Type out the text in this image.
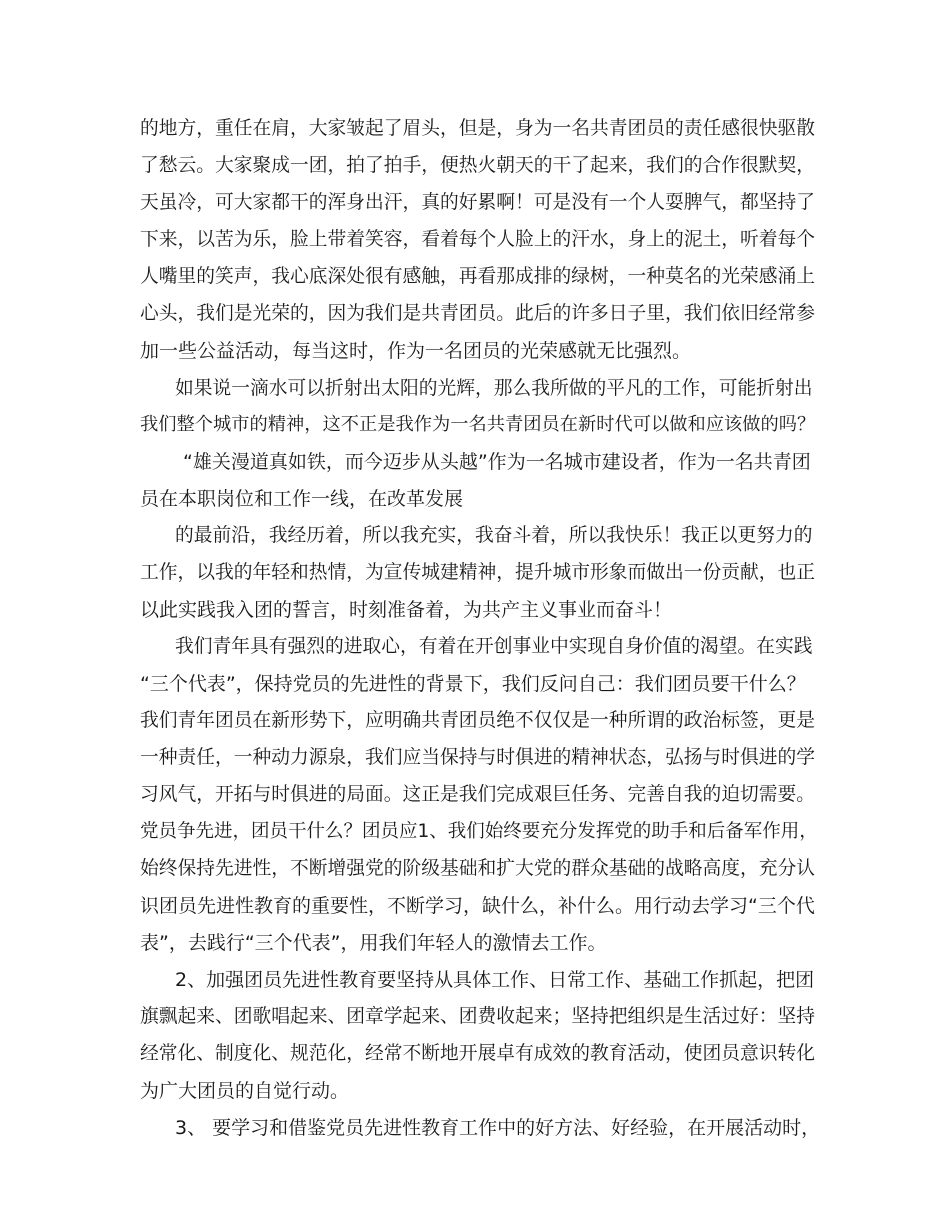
的地方，重任在肩，大家皱起了眉头，但是，身为一名共青团员的责任感很快驱散
了愁云。大家聚成一团，拍了拍手，便热火朝天的干了起来，我们的合作很默契，
天虽冷，可大家都干的浑身出汗，真的好累啊！可是没有一个人耍脾气，都坚持了
下来，以苦为乐，脸上带着笑容，看着每个人脸上的汗水，身上的泥土，听着每个
人嘴里的笑声，我心底深处很有感触，再看那成排的绿树，一种莫名的光荣感涌上
心头，我们是光荣的，因为我们是共青团员。此后的许多日子里，我们依旧经常参
加一些公益活动，每当这时，作为一名团员的光荣感就无比强烈。
如果说一滴水可以折射出太阳的光辉，那么我所做的平凡的工作，可能折射出
我们整个城市的精神，这不正是我作为一名共青团员在新时代可以做和应该做的吗？
“雄关漫道真如铁，而今迈步从头越”作为一名城市建设者，作为一名共青团
员在本职岗位和工作一线，在改革发展
的最前沿，我经历着，所以我充实，我奋斗着，所以我快乐！我正以更努力的
工作，以我的年轻和热情，为宣传城建精神，提升城市形象而做出一份贡献，也正
以此实践我入团的誓言，时刻准备着，为共产主义事业而奋斗！
我们青年具有强烈的进取心，有着在开创事业中实现自身价值的渴望。在实践
“三个代表”，保持党员的先进性的背景下，我们反问自己：我们团员要干什么？
我们青年团员在新形势下，应明确共青团员绝不仅仅是一种所谓的政治标签，更是
一种责任，一种动力源泉，我们应当保持与时俱进的精神状态，弘扬与时俱进的学
习风气，开拓与时俱进的局面。这正是我们完成艰巨任务、完善自我的迫切需要。
党员争先进，团员干什么？团员应1、我们始终要充分发挥党的助手和后备军作用，
始终保持先进性，不断增强党的阶级基础和扩大党的群众基础的战略高度，充分认
识团员先进性教育的重要性，不断学习，缺什么，补什么。用行动去学习“三个代
表”，去践行“三个代表”，用我们年轻人的激情去工作。
2、加强团员先进性教育要坚持从具体工作、日常工作、基础工作抓起，把团
旗飘起来、团歌唱起来、团章学起来、团费收起来；坚持把组织是生活过好：坚持
经常化、制度化、规范化，经常不断地开展卓有成效的教育活动，使团员意识转化
为广大团员的自觉行动。
3、 要学习和借鉴党员先进性教育工作中的好方法、好经验，在开展活动时，
